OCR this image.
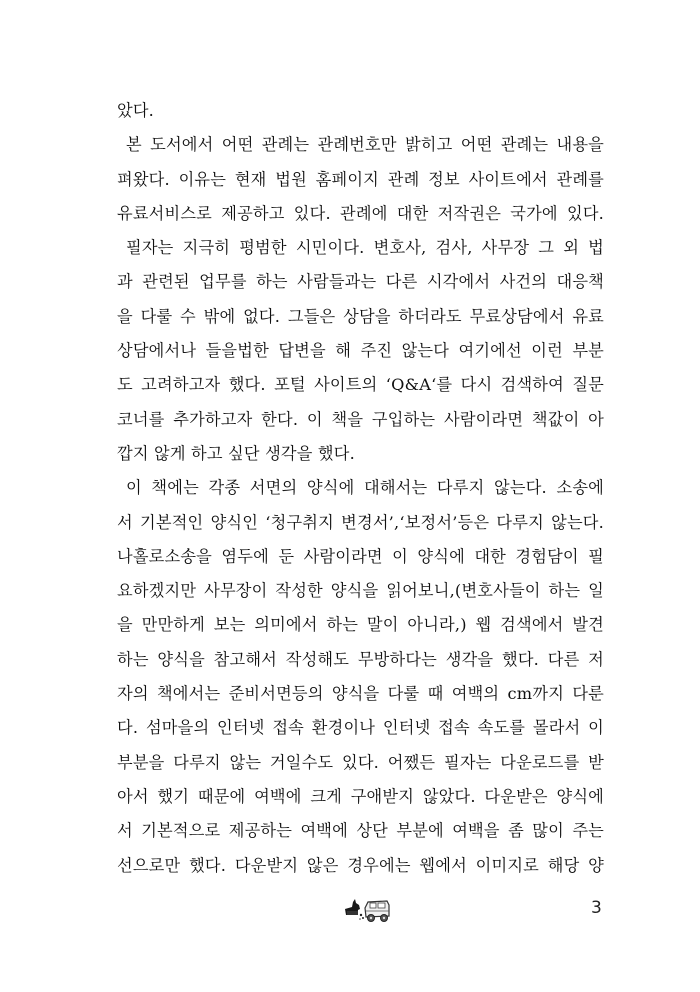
았다.
본 도서에서 어떤 관례는 관례번호만 밝히고 어떤 관례는 내용을
펴왔다. 이유는 현재 법원 홈페이지 관례 정보 사이트에서 관례를
유료서비스로 제공하고 있다. 관례에 대한 저작권은 국가에 있다.
필자는 지극히 평범한 시민이다. 변호사, 검사, 사무장 그 외 법
과 관련된 업무를 하는 사람들과는 다른 시각에서 사건의 대응책
을 다룰 수 밖에 없다. 그들은 상담을 하더라도 무료상담에서 유료
상담에서나 들을법한 답변을 해 주진 않는다 여기에선 이런 부분
도 고려하고자 했다. 포털 사이트의 ‘Q&A‘를 다시 검색하여 질문
코너를 추가하고자 한다. 이 책을 구입하는 사람이라면 책값이 아
깝지 않게 하고 싶단 생각을 했다.
이 책에는 각종 서면의 양식에 대해서는 다루지 않는다. 소송에
서 기본적인 양식인 ‘청구취지 변경서’,‘보정서’등은 다루지 않는다.
나홀로소송을 염두에 둔 사람이라면 이 양식에 대한 경험담이 필
요하겠지만 사무장이 작성한 양식을 읽어보니,(변호사들이 하는 일
을 만만하게 보는 의미에서 하는 말이 아니라,) 웹 검색에서 발견
하는 양식을 참고해서 작성해도 무방하다는 생각을 했다. 다른 저
자의 책에서는 준비서면등의 양식을 다룰 때 여백의 cm까지 다룬
다. 섬마을의 인터넷 접속 환경이나 인터넷 접속 속도를 몰라서 이
부분을 다루지 않는 거일수도 있다. 어쨌든 필자는 다운로드를 받
아서 했기 때문에 여백에 크게 구애받지 않았다. 다운받은 양식에
서 기본적으로 제공하는 여백에 상단 부분에 여백을 좀 많이 주는
선으로만 했다. 다운받지 않은 경우에는 웹에서 이미지로 해당 양
3
